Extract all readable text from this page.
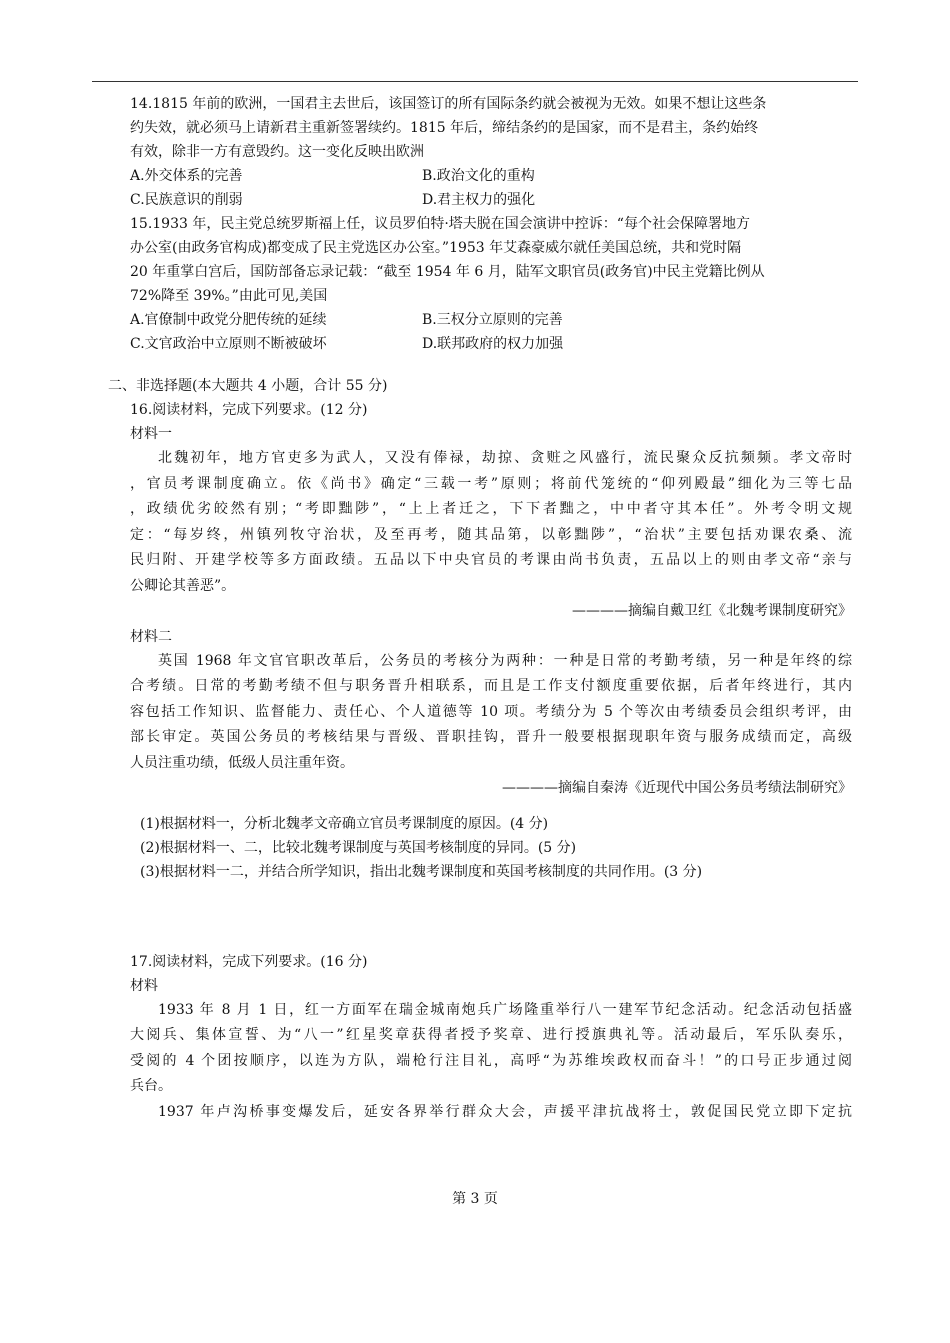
14.1815 年前的欧洲，一国君主去世后，该国签订的所有国际条约就会被视为无效。如果不想让这些条

约失效，就必须马上请新君主重新签署续约。1815 年后，缔结条约的是国家，而不是君主，条约始终

有效，除非一方有意毁约。这一变化反映出欧洲

A.外交体系的完善	B.政治文化的重构
C.民族意识的削弱	D.君主权力的强化

15.1933 年，民主党总统罗斯福上任，议员罗伯特·塔夫脱在国会演讲中控诉：“每个社会保障署地方

办公室(由政务官构成)都变成了民主党选区办公室。”1953 年艾森豪威尔就任美国总统，共和党时隔

20 年重掌白宫后，国防部备忘录记载：“截至 1954 年 6 月，陆军文职官员(政务官)中民主党籍比例从

72%降至 39%。”由此可见,美国

A.官僚制中政党分肥传统的延续	B.三权分立原则的完善
C.文官政治中立原则不断被破坏	D.联邦政府的权力加强

二、非选择题(本大题共 4 小题，合计 55 分)

16.阅读材料，完成下列要求。(12 分)

材料一

北魏初年，地方官吏多为武人，又没有俸禄，劫掠、贪赃之风盛行，流民聚众反抗频频。孝文帝时
，官员考课制度确立。依《尚书》确定“三载一考”原则；将前代笼统的“仰列殿最”细化为三等七品
，政绩优劣皎然有别；“考即黜陟”，“上上者迁之，下下者黜之，中中者守其本任”。外考令明文规
定：“每岁终，州镇列牧守治状，及至再考，随其品第，以彰黜陟”，“治状”主要包括劝课农桑、流
民归附、开建学校等多方面政绩。五品以下中央官员的考课由尚书负责，五品以上的则由孝文帝“亲与
公卿论其善恶”。
————摘编自戴卫红《北魏考课制度研究》

材料二

英国 1968 年文官官职改革后，公务员的考核分为两种：一种是日常的考勤考绩，另一种是年终的综
合考绩。日常的考勤考绩不但与职务晋升相联系，而且是工作支付额度重要依据，后者年终进行，其内
容包括工作知识、监督能力、责任心、个人道德等 10 项。考绩分为 5 个等次由考绩委员会组织考评，由
部长审定。英国公务员的考核结果与晋级、晋职挂钩，晋升一般要根据现职年资与服务成绩而定，高级
人员注重功绩，低级人员注重年资。
————摘编自秦涛《近现代中国公务员考绩法制研究》

(1)根据材料一，分析北魏孝文帝确立官员考课制度的原因。(4 分)

(2)根据材料一、二，比较北魏考课制度与英国考核制度的异同。(5 分)

(3)根据材料一二，并结合所学知识，指出北魏考课制度和英国考核制度的共同作用。(3 分)

17.阅读材料，完成下列要求。(16 分)

材料

1933 年 8 月 1 日，红一方面军在瑞金城南炮兵广场隆重举行八一建军节纪念活动。纪念活动包括盛
大阅兵、集体宣誓、为“八一”红星奖章获得者授予奖章、进行授旗典礼等。活动最后，军乐队奏乐，
受阅的 4 个团按顺序，以连为方队，端枪行注目礼，高呼“为苏维埃政权而奋斗！”的口号正步通过阅
兵台。
1937 年卢沟桥事变爆发后，延安各界举行群众大会，声援平津抗战将士，敦促国民党立即下定抗
第 3 页
